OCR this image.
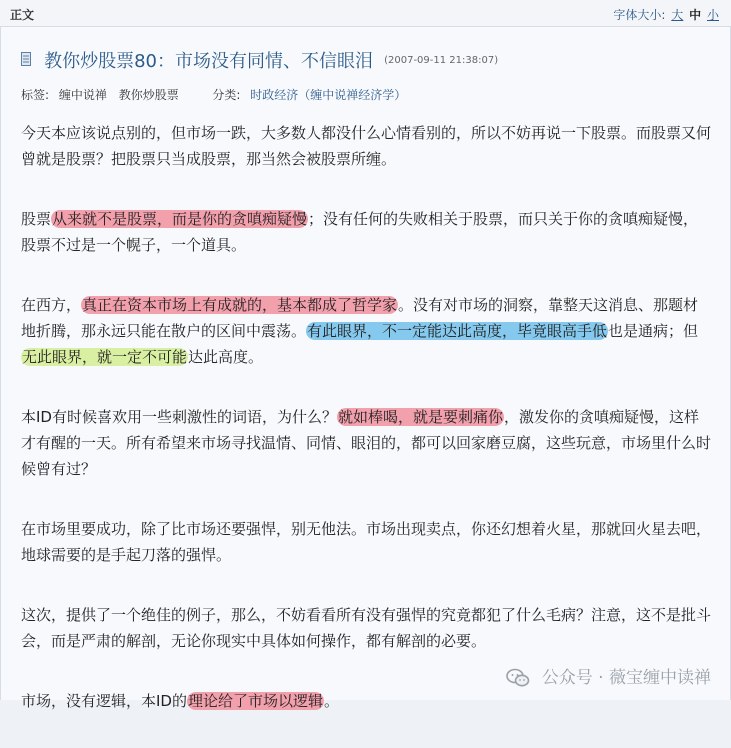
正文	字体大小: 大 中 小
教你炒股票80：市场没有同情、不信眼泪 (2007-09-11 21:38:07)
标签: 缠中说禅 教你炒股票	分类: 时政经济（缠中说禅经济学）

今天本应该说点别的，但市场一跌，大多数人都没什么心情看别的，所以不妨再说一下股票。而股票又何曾就是股票？把股票只当成股票，那当然会被股票所缠。

股票从来就不是股票，而是你的贪嗔痴疑慢；没有任何的失败相关于股票，而只关于你的贪嗔痴疑慢，股票不过是一个幌子，一个道具。

在西方，真正在资本市场上有成就的，基本都成了哲学家。没有对市场的洞察，靠整天这消息、那题材地折腾，那永远只能在散户的区间中震荡。有此眼界，不一定能达此高度，毕竟眼高手低也是通病；但无此眼界，就一定不可能达此高度。

本ID有时候喜欢用一些刺激性的词语，为什么？就如棒喝，就是要刺痛你，激发你的贪嗔痴疑慢，这样才有醒的一天。所有希望来市场寻找温情、同情、眼泪的，都可以回家磨豆腐，这些玩意，市场里什么时候曾有过？

在市场里要成功，除了比市场还要强悍，别无他法。市场出现卖点，你还幻想着火星，那就回火星去吧，地球需要的是手起刀落的强悍。

这次，提供了一个绝佳的例子，那么，不妨看看所有没有强悍的究竟都犯了什么毛病？注意，这不是批斗会，而是严肃的解剖，无论你现实中具体如何操作，都有解剖的必要。

市场，没有逻辑，本ID的理论给了市场以逻辑。

公众号 · 薇宝缠中读禅
